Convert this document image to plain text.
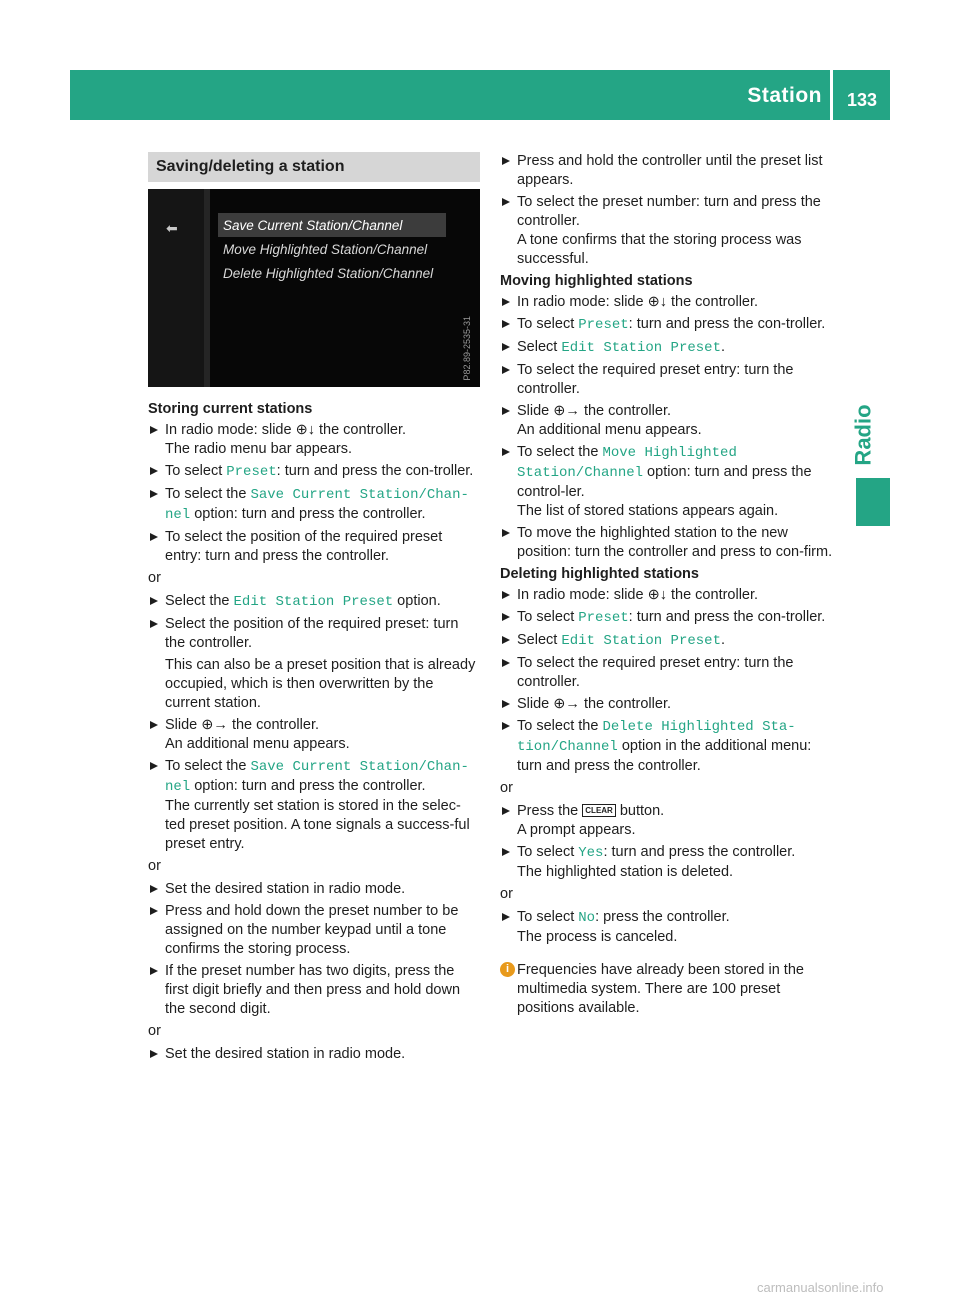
Station	133
Radio
Saving/deleting a station
⬅	Save Current Station/Channel
Move Highlighted Station/Channel
Delete Highlighted Station/Channel
P82.89-2535-31
Storing current stations
In radio mode: slide ⊕↓ the controller.
The radio menu bar appears.
To select Preset: turn and press the con-troller.
To select the Save Current Station/Chan-nel option: turn and press the controller.
To select the position of the required preset entry: turn and press the controller.
or
Select the Edit Station Preset option.
Select the position of the required preset: turn the controller.
This can also be a preset position that is already occupied, which is then overwritten by the current station.
Slide ⊕→ the controller.
An additional menu appears.
To select the Save Current Station/Chan-nel option: turn and press the controller.
The currently set station is stored in the selec-ted preset position. A tone signals a success-ful preset entry.
or
Set the desired station in radio mode.
Press and hold down the preset number to be assigned on the number keypad until a tone confirms the storing process.
If the preset number has two digits, press the first digit briefly and then press and hold down the second digit.
or
Set the desired station in radio mode.
Press and hold the controller until the preset list appears.
To select the preset number: turn and press the controller.
A tone confirms that the storing process was successful.
Moving highlighted stations
In radio mode: slide ⊕↓ the controller.
To select Preset: turn and press the con-troller.
Select Edit Station Preset.
To select the required preset entry: turn the controller.
Slide ⊕→ the controller.
An additional menu appears.
To select the Move Highlighted Station/Channel option: turn and press the control-ler.
The list of stored stations appears again.
To move the highlighted station to the new position: turn the controller and press to con-firm.
Deleting highlighted stations
In radio mode: slide ⊕↓ the controller.
To select Preset: turn and press the con-troller.
Select Edit Station Preset.
To select the required preset entry: turn the controller.
Slide ⊕→ the controller.
To select the Delete Highlighted Sta-tion/Channel option in the additional menu: turn and press the controller.
or
Press the CLEAR button.
A prompt appears.
To select Yes: turn and press the controller.
The highlighted station is deleted.
or
To select No: press the controller.
The process is canceled.
i Frequencies have already been stored in the multimedia system. There are 100 preset positions available.
carmanualsonline.info
